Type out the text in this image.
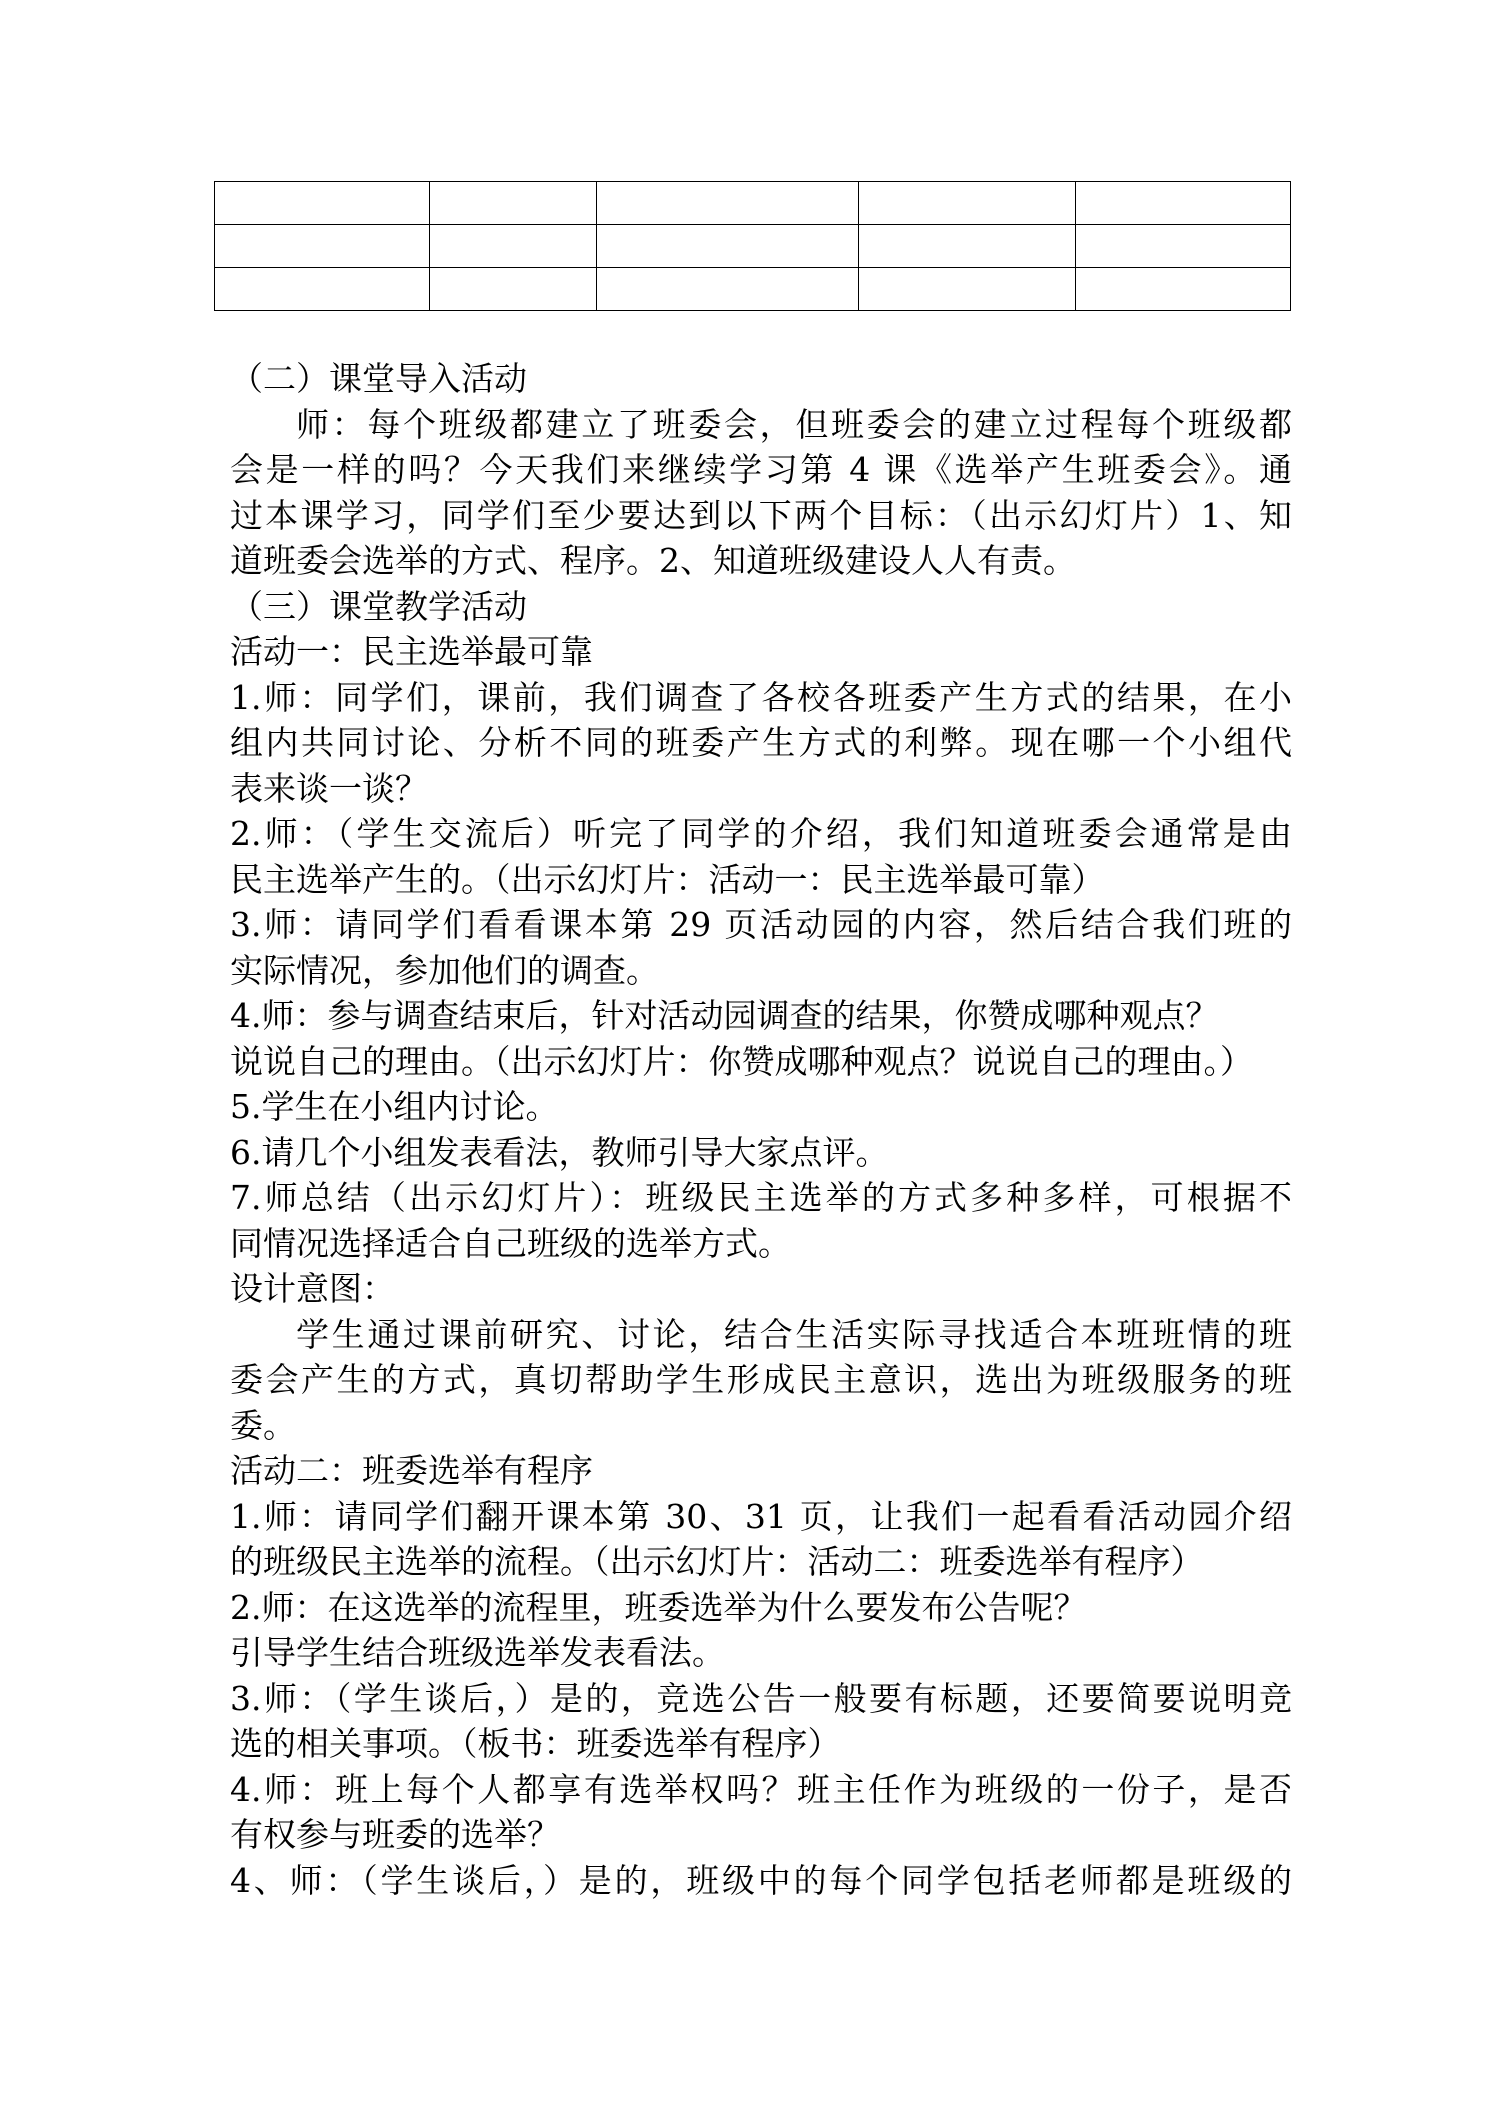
（二）课堂导入活动
师：每个班级都建立了班委会，但班委会的建立过程每个班级都
会是一样的吗？今天我们来继续学习第 4 课《选举产生班委会》。通
过本课学习，同学们至少要达到以下两个目标：（出示幻灯片）1、知
道班委会选举的方式、程序。2、知道班级建设人人有责。
（三）课堂教学活动
活动一：民主选举最可靠
1.师：同学们，课前，我们调查了各校各班委产生方式的结果，在小
组内共同讨论、分析不同的班委产生方式的利弊。现在哪一个小组代
表来谈一谈？
2.师：（学生交流后）听完了同学的介绍，我们知道班委会通常是由
民主选举产生的。（出示幻灯片：活动一：民主选举最可靠）
3.师：请同学们看看课本第 29 页活动园的内容，然后结合我们班的
实际情况，参加他们的调查。
4.师：参与调查结束后，针对活动园调查的结果，你赞成哪种观点？
说说自己的理由。（出示幻灯片：你赞成哪种观点？说说自己的理由。）
5.学生在小组内讨论。
6.请几个小组发表看法，教师引导大家点评。
7.师总结（出示幻灯片）：班级民主选举的方式多种多样，可根据不
同情况选择适合自己班级的选举方式。
设计意图：
学生通过课前研究、讨论，结合生活实际寻找适合本班班情的班
委会产生的方式，真切帮助学生形成民主意识，选出为班级服务的班
委。
活动二：班委选举有程序
1.师：请同学们翻开课本第 30、31 页，让我们一起看看活动园介绍
的班级民主选举的流程。（出示幻灯片：活动二：班委选举有程序）
2.师：在这选举的流程里，班委选举为什么要发布公告呢？
引导学生结合班级选举发表看法。
3.师：（学生谈后，）是的，竞选公告一般要有标题，还要简要说明竞
选的相关事项。（板书：班委选举有程序）
4.师：班上每个人都享有选举权吗？班主任作为班级的一份子，是否
有权参与班委的选举？
4、师：（学生谈后，）是的，班级中的每个同学包括老师都是班级的
